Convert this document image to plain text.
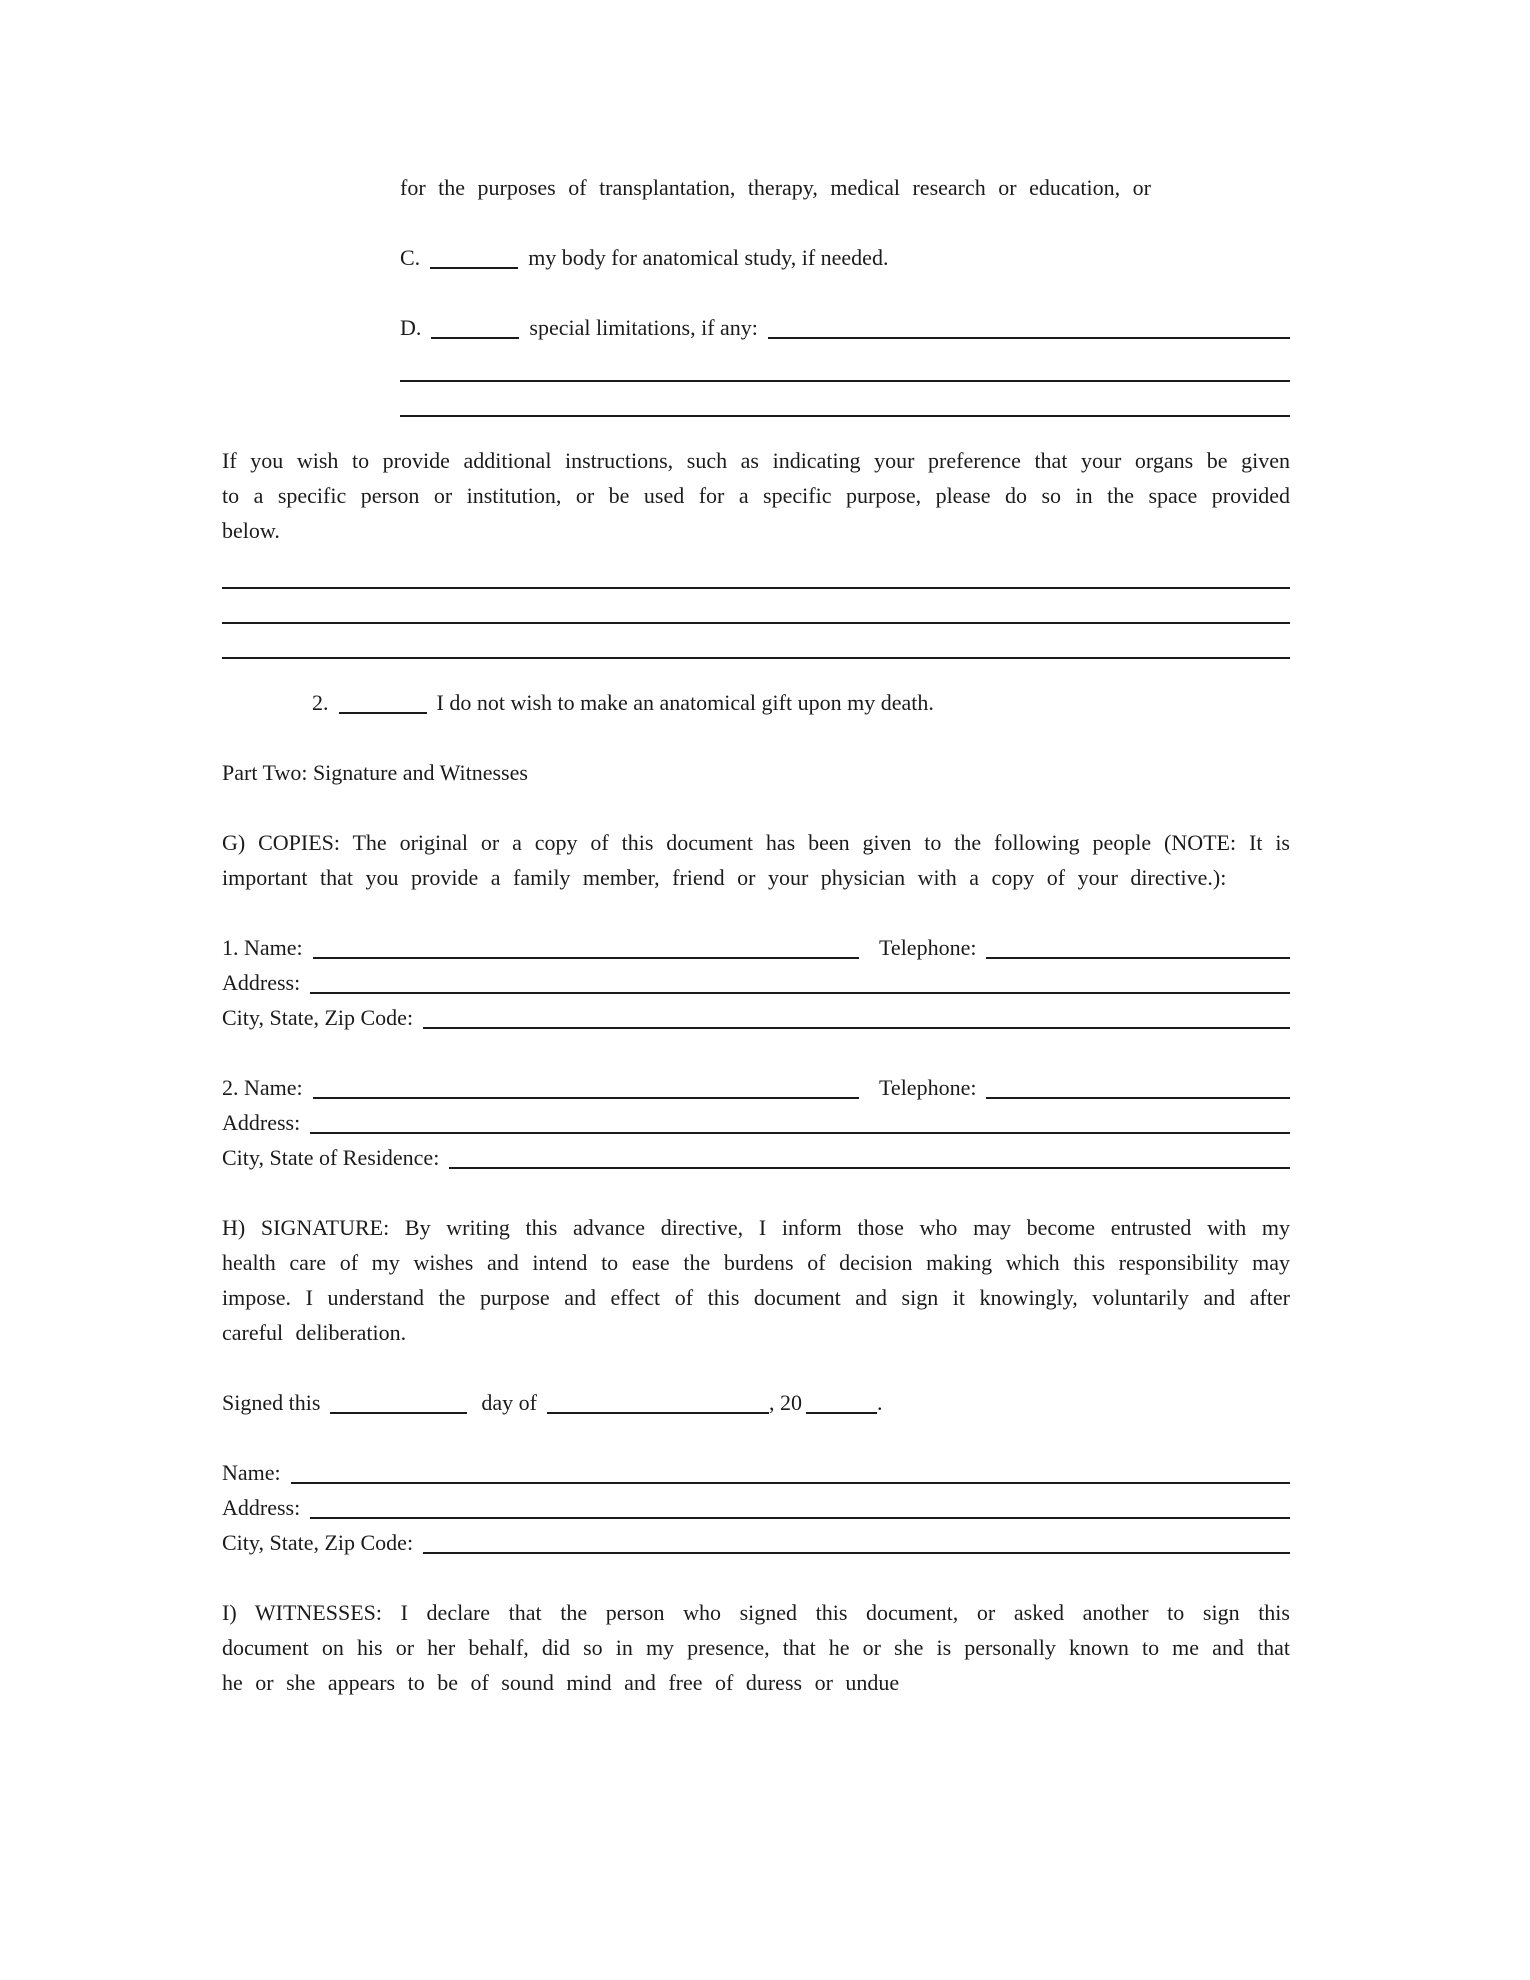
for the purposes of transplantation, therapy, medical research or education, or

C.	my body for anatomical study, if needed.
D.	special limitations, if any:

If you wish to provide additional instructions, such as indicating your preference that your organs be given to a specific person or institution, or be used for a specific purpose, please do so in the space provided below.

2.	I do not wish to make an anatomical gift upon my death.

Part Two: Signature and Witnesses

G) COPIES: The original or a copy of this document has been given to the following people (NOTE: It is important that you provide a family member, friend or your physician with a copy of your directive.):

1. Name:	Telephone:
Address:
City, State, Zip Code:
2. Name:	Telephone:
Address:
City, State of Residence:

H) SIGNATURE: By writing this advance directive, I inform those who may become entrusted with my health care of my wishes and intend to ease the burdens of decision making which this responsibility may impose. I understand the purpose and effect of this document and sign it knowingly, voluntarily and after careful deliberation.

Signed this	day of	, 20	.
Name:
Address:
City, State, Zip Code:

I) WITNESSES: I declare that the person who signed this document, or asked another to sign this document on his or her behalf, did so in my presence, that he or she is personally known to me and that he or she appears to be of sound mind and free of duress or undue
